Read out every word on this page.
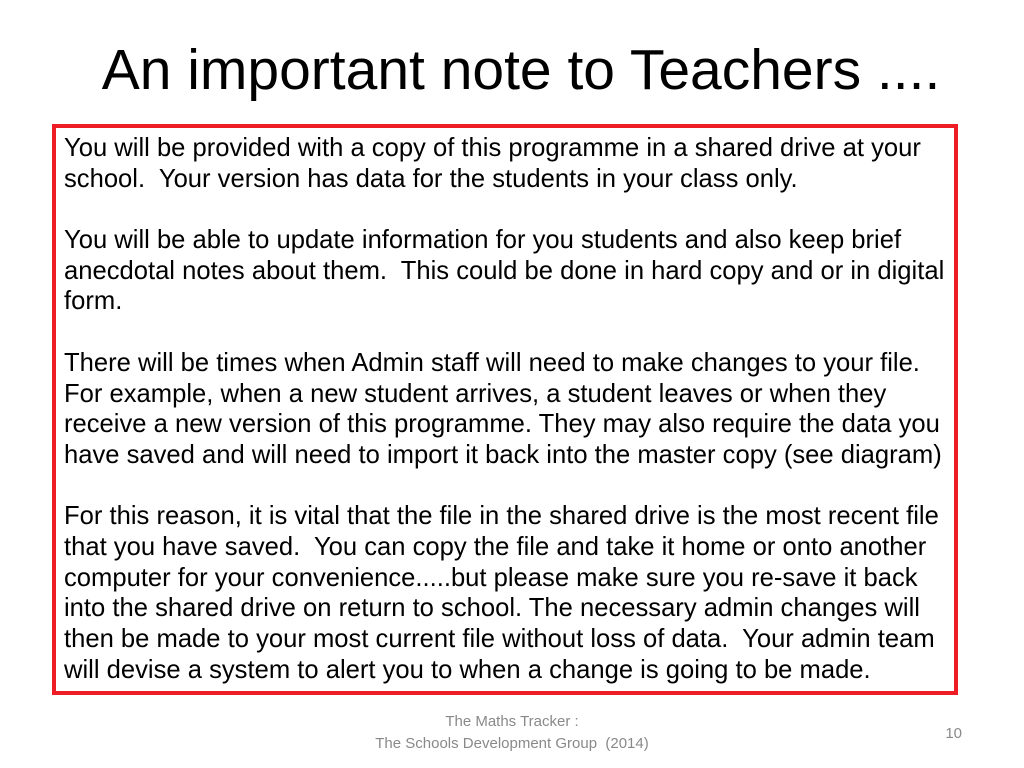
An important note to Teachers ....
You will be provided with a copy of this programme in a shared drive at your
school.  Your version has data for the students in your class only.
You will be able to update information for you students and also keep brief
anecdotal notes about them.  This could be done in hard copy and or in digital
form.
There will be times when Admin staff will need to make changes to your file.
For example, when a new student arrives, a student leaves or when they
receive a new version of this programme. They may also require the data you
have saved and will need to import it back into the master copy (see diagram)
For this reason, it is vital that the file in the shared drive is the most recent file
that you have saved.  You can copy the file and take it home or onto another
computer for your convenience.....but please make sure you re-save it back
into the shared drive on return to school. The necessary admin changes will
then be made to your most current file without loss of data.  Your admin team
will devise a system to alert you to when a change is going to be made.
The Maths Tracker :
The Schools Development Group  (2014)
10
